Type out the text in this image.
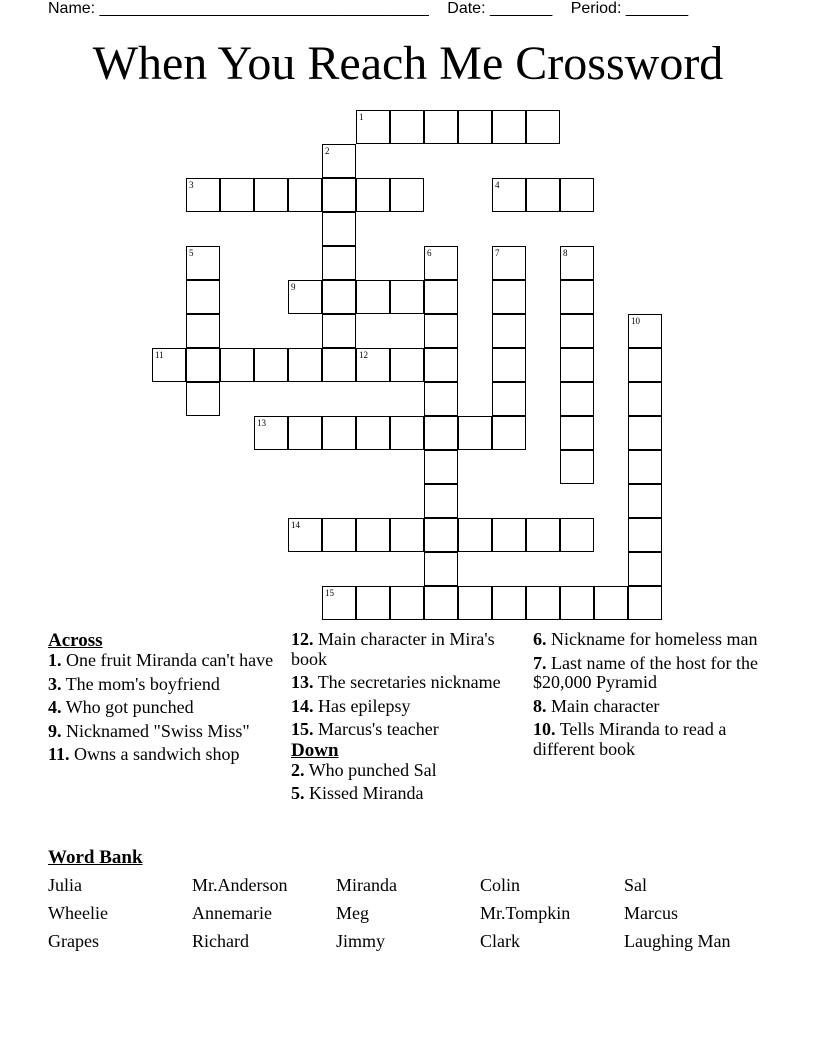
Name: _____________________________________ Date: _______ Period: _______
When You Reach Me Crossword
1
3	4
9
11	12
13
14
15
2
5	6	7	8
10
Across
1. One fruit Miranda can't have
3. The mom's boyfriend
4. Who got punched
9. Nicknamed "Swiss Miss"
11. Owns a sandwich shop
12. Main character in Mira's book
13. The secretaries nickname
14. Has epilepsy
15. Marcus's teacher
Down
2. Who punched Sal
5. Kissed Miranda
6. Nickname for homeless man
7. Last name of the host for the $20,000 Pyramid
8. Main character
10. Tells Miranda to read a different book
Word Bank
Julia	Mr.Anderson	Miranda	Colin	Sal
Wheelie	Annemarie	Meg	Mr.Tompkin	Marcus
Grapes	Richard	Jimmy	Clark	Laughing Man
